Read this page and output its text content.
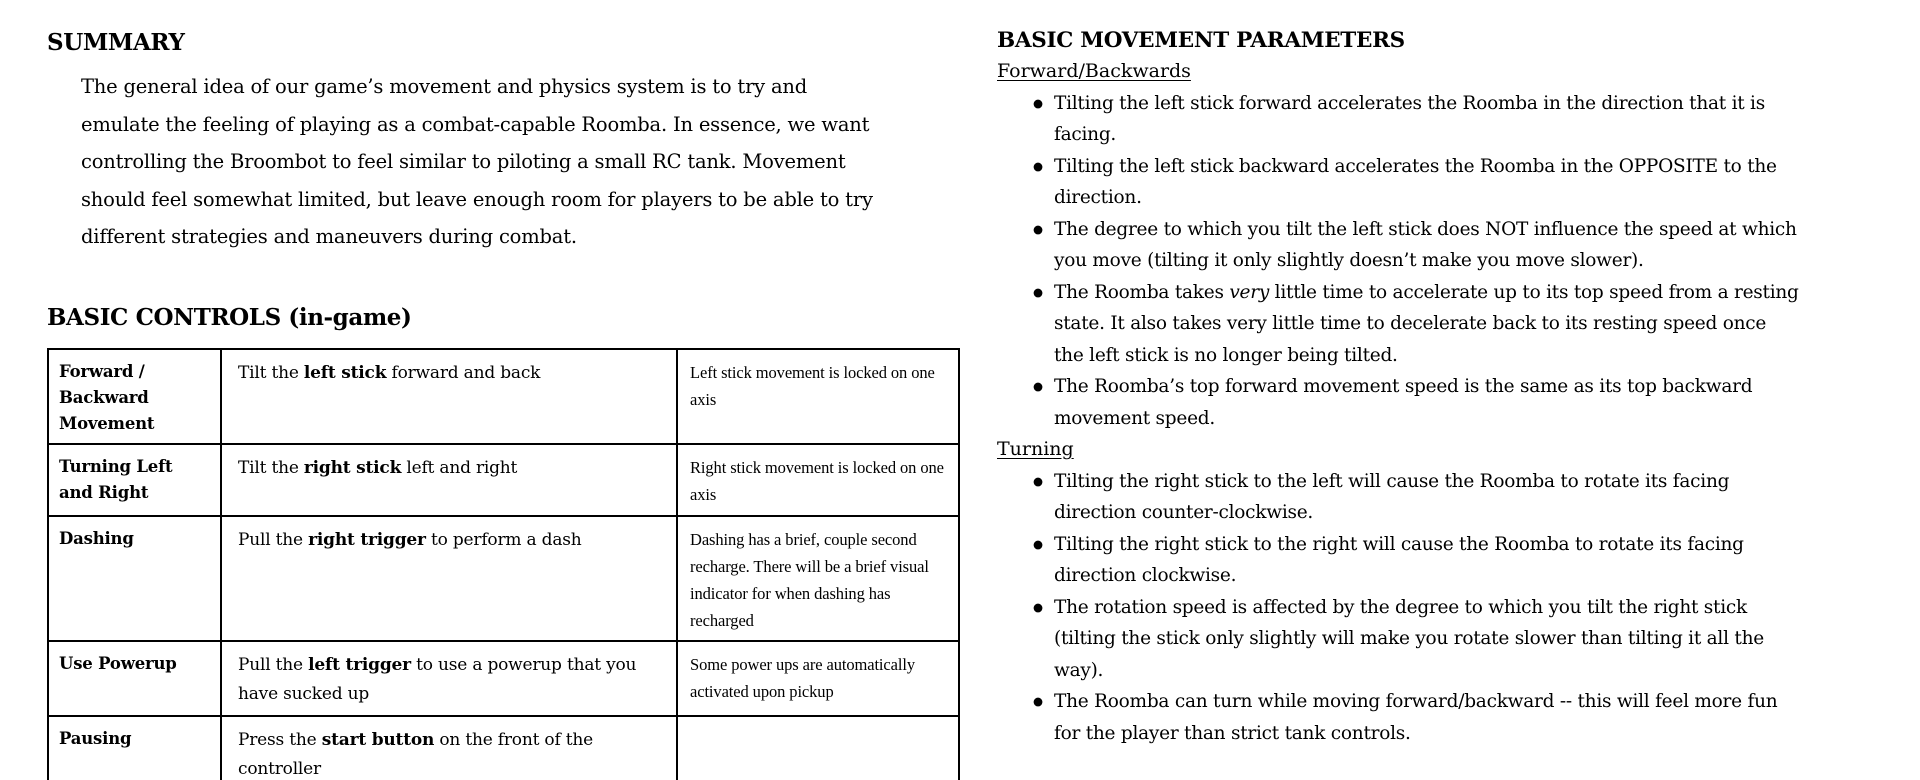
SUMMARY

The general idea of our game’s movement and physics system is to try and emulate the feeling of playing as a combat-capable Roomba. In essence, we want controlling the Broombot to feel similar to piloting a small RC tank. Movement should feel somewhat limited, but leave enough room for players to be able to try different strategies and maneuvers during combat.

BASIC CONTROLS (in-game)
Forward / Backward Movement	Tilt the left stick forward and back	Left stick movement is locked on one axis
Turning Left and Right	Tilt the right stick left and right	Right stick movement is locked on one axis
Dashing	Pull the right trigger to perform a dash	Dashing has a brief, couple second recharge. There will be a brief visual indicator for when dashing has recharged
Use Powerup	Pull the left trigger to use a powerup that you have sucked up	Some power ups are automatically activated upon pickup
Pausing	Press the start button on the front of the controller	
BASIC MOVEMENT PARAMETERS
Forward/Backwards
● Tilting the left stick forward accelerates the Roomba in the direction that it is facing.
● Tilting the left stick backward accelerates the Roomba in the OPPOSITE to the direction.
● The degree to which you tilt the left stick does NOT influence the speed at which you move (tilting it only slightly doesn’t make you move slower).
● The Roomba takes very little time to accelerate up to its top speed from a resting state. It also takes very little time to decelerate back to its resting speed once the left stick is no longer being tilted.
● The Roomba’s top forward movement speed is the same as its top backward movement speed.
Turning
● Tilting the right stick to the left will cause the Roomba to rotate its facing direction counter-clockwise.
● Tilting the right stick to the right will cause the Roomba to rotate its facing direction clockwise.
● The rotation speed is affected by the degree to which you tilt the right stick (tilting the stick only slightly will make you rotate slower than tilting it all the way).
● The Roomba can turn while moving forward/backward -- this will feel more fun for the player than strict tank controls.
